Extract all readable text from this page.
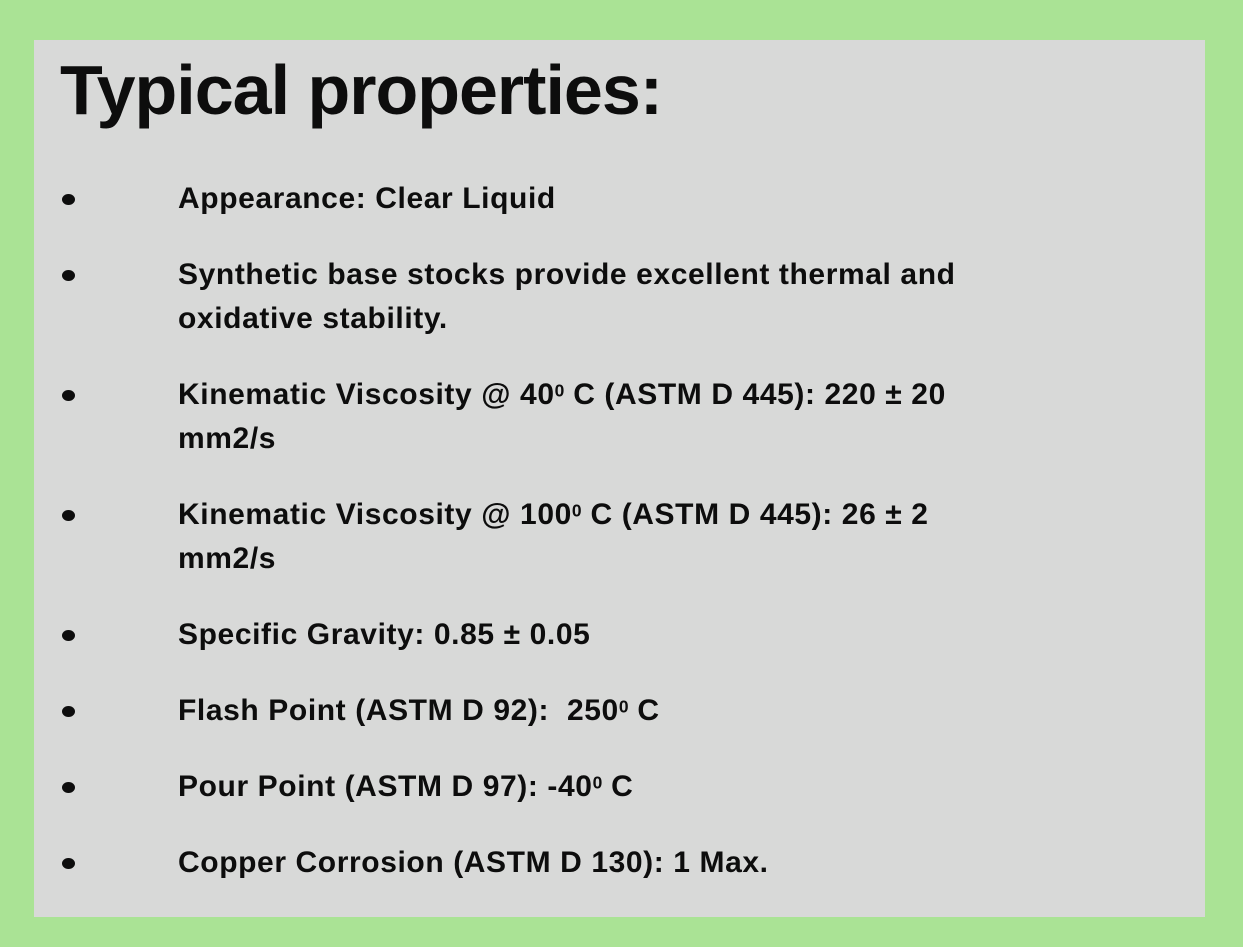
Typical properties:
Appearance: Clear Liquid
Synthetic base stocks provide excellent thermal and
oxidative stability.
Kinematic Viscosity @ $40^0$ C (ASTM D 445): 220 ± 20
mm2/s
Kinematic Viscosity @ $100^0$ C (ASTM D 445): 26 ± 2
mm2/s
Specific Gravity: 0.85 ± 0.05
Flash Point (ASTM D 92):  $250^0$ C
Pour Point (ASTM D 97): $-40^0$ C
Copper Corrosion (ASTM D 130): 1 Max.
